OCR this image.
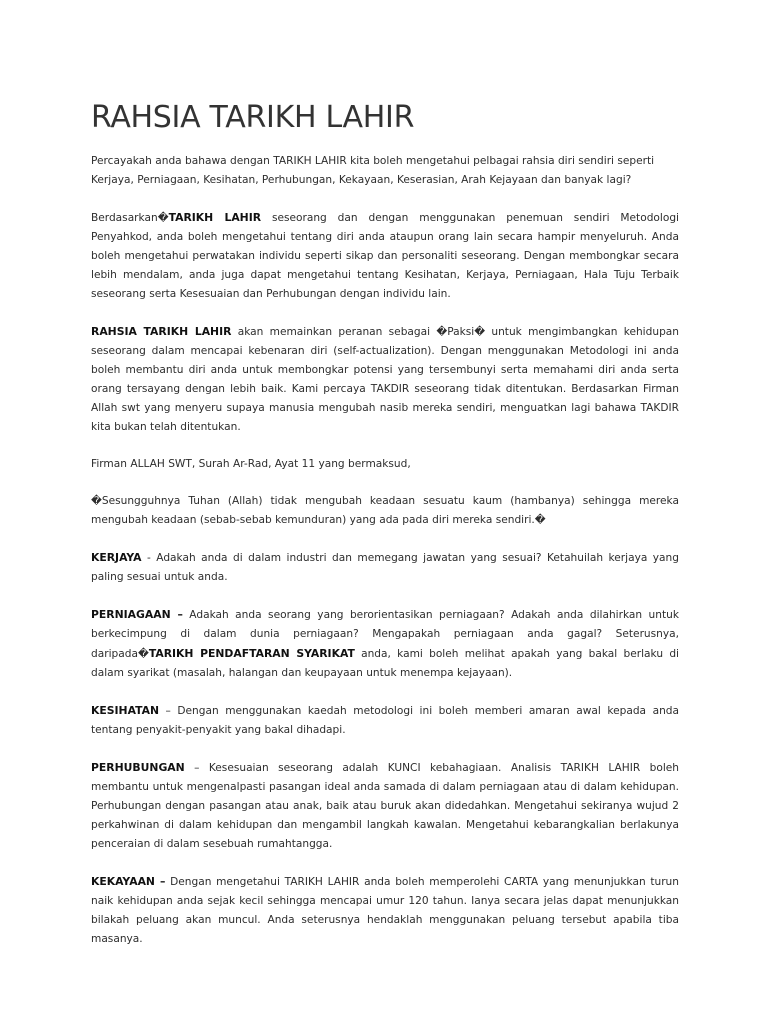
RAHSIA TARIKH LAHIR

Percayakah anda bahawa dengan TARIKH LAHIR kita boleh mengetahui pelbagai rahsia diri sendiri seperti Kerjaya, Perniagaan, Kesihatan, Perhubungan, Kekayaan, Keserasian, Arah Kejayaan dan banyak lagi?

Berdasarkan�TARIKH LAHIR seseorang dan dengan menggunakan penemuan sendiri Metodologi Penyahkod, anda boleh mengetahui tentang diri anda ataupun orang lain secara hampir menyeluruh. Anda boleh mengetahui perwatakan individu seperti sikap dan personaliti seseorang. Dengan membongkar secara lebih mendalam, anda juga dapat mengetahui tentang Kesihatan, Kerjaya, Perniagaan, Hala Tuju Terbaik seseorang serta Kesesuaian dan Perhubungan dengan individu lain.

RAHSIA TARIKH LAHIR akan memainkan peranan sebagai �Paksi� untuk mengimbangkan kehidupan seseorang dalam mencapai kebenaran diri (self-actualization). Dengan menggunakan Metodologi ini anda boleh membantu diri anda untuk membongkar potensi yang tersembunyi serta memahami diri anda serta orang tersayang dengan lebih baik. Kami percaya TAKDIR seseorang tidak ditentukan. Berdasarkan Firman Allah swt yang menyeru supaya manusia mengubah nasib mereka sendiri, menguatkan lagi bahawa TAKDIR kita bukan telah ditentukan.

Firman ALLAH SWT, Surah Ar-Rad, Ayat 11 yang bermaksud,

�Sesungguhnya Tuhan (Allah) tidak mengubah keadaan sesuatu kaum (hambanya) sehingga mereka mengubah keadaan (sebab-sebab kemunduran) yang ada pada diri mereka sendiri.�

KERJAYA - Adakah anda di dalam industri dan memegang jawatan yang sesuai? Ketahuilah kerjaya yang paling sesuai untuk anda.

PERNIAGAAN – Adakah anda seorang yang berorientasikan perniagaan? Adakah anda dilahirkan untuk berkecimpung di dalam dunia perniagaan? Mengapakah perniagaan anda gagal? Seterusnya, daripada�TARIKH PENDAFTARAN SYARIKAT anda, kami boleh melihat apakah yang bakal berlaku di dalam syarikat (masalah, halangan dan keupayaan untuk menempa kejayaan).

KESIHATAN – Dengan menggunakan kaedah metodologi ini boleh memberi amaran awal kepada anda tentang penyakit-penyakit yang bakal dihadapi.

PERHUBUNGAN – Kesesuaian seseorang adalah KUNCI kebahagiaan. Analisis TARIKH LAHIR boleh membantu untuk mengenalpasti pasangan ideal anda samada di dalam perniagaan atau di dalam kehidupan. Perhubungan dengan pasangan atau anak, baik atau buruk akan didedahkan. Mengetahui sekiranya wujud 2 perkahwinan di dalam kehidupan dan mengambil langkah kawalan. Mengetahui kebarangkalian berlakunya penceraian di dalam sesebuah rumahtangga.

KEKAYAAN – Dengan mengetahui TARIKH LAHIR anda boleh memperolehi CARTA yang menunjukkan turun naik kehidupan anda sejak kecil sehingga mencapai umur 120 tahun. Ianya secara jelas dapat menunjukkan bilakah peluang akan muncul. Anda seterusnya hendaklah menggunakan peluang tersebut apabila tiba masanya.
